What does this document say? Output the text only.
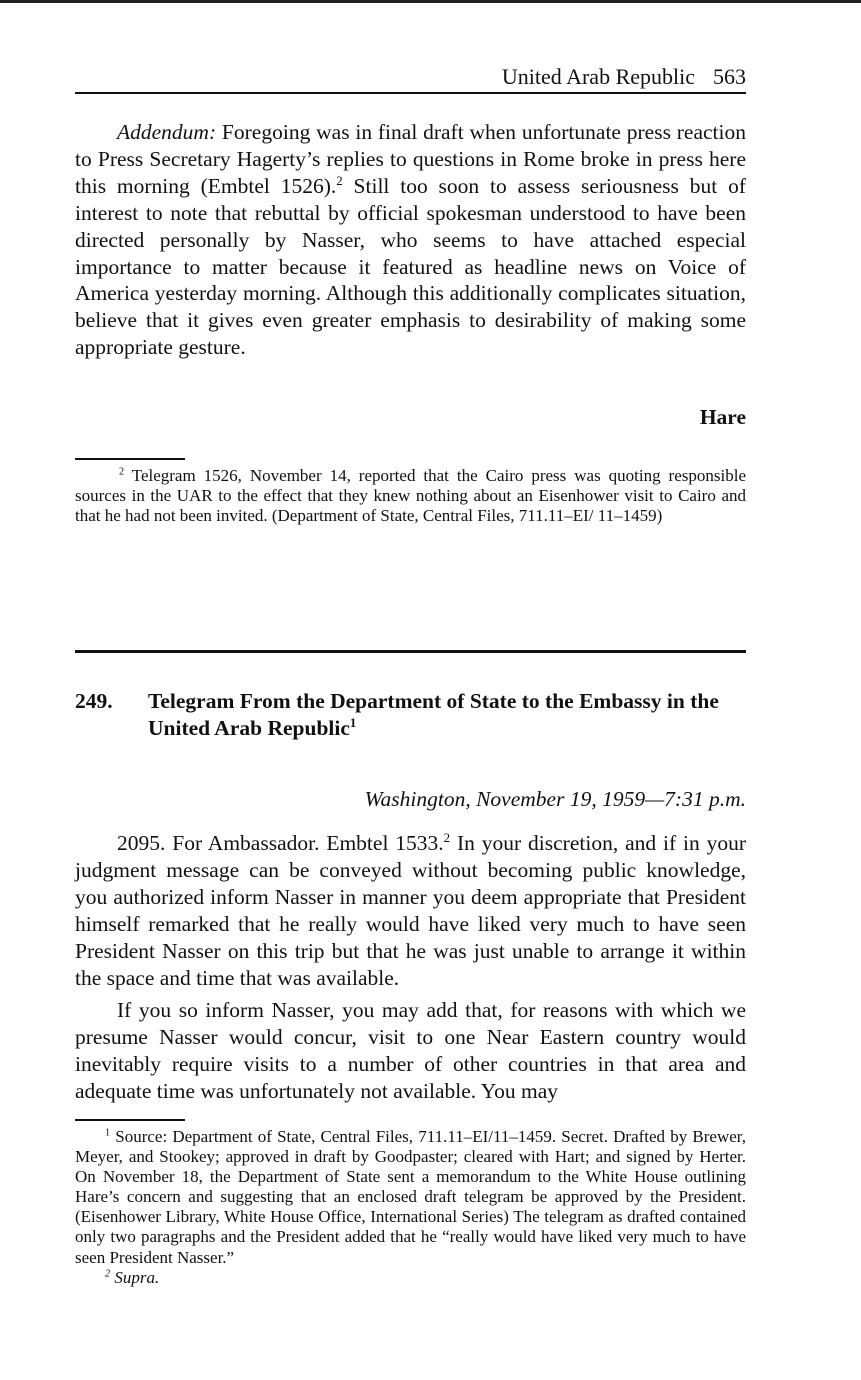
United Arab Republic 563

Addendum: Foregoing was in final draft when unfortunate press reaction to Press Secretary Hagerty’s replies to questions in Rome broke in press here this morning (Embtel 1526).$^2$ Still too soon to assess seriousness but of interest to note that rebuttal by official spokesman understood to have been directed personally by Nasser, who seems to have attached especial importance to matter because it featured as headline news on Voice of America yesterday morning. Although this additionally complicates situation, believe that it gives even greater emphasis to desirability of making some appropriate gesture.

Hare

$^2$ Telegram 1526, November 14, reported that the Cairo press was quoting responsible sources in the UAR to the effect that they knew nothing about an Eisenhower visit to Cairo and that he had not been invited. (Department of State, Central Files, 711.11–EI/ 11–1459)

249. Telegram From the Department of State to the Embassy in the United Arab Republic$^1$
Washington, November 19, 1959—7:31 p.m.

2095. For Ambassador. Embtel 1533.$^2$ In your discretion, and if in your judgment message can be conveyed without becoming public knowledge, you authorized inform Nasser in manner you deem appropriate that President himself remarked that he really would have liked very much to have seen President Nasser on this trip but that he was just unable to arrange it within the space and time that was available.

If you so inform Nasser, you may add that, for reasons with which we presume Nasser would concur, visit to one Near Eastern country would inevitably require visits to a number of other countries in that area and adequate time was unfortunately not available. You may

$^1$ Source: Department of State, Central Files, 711.11–EI/11–1459. Secret. Drafted by Brewer, Meyer, and Stookey; approved in draft by Goodpaster; cleared with Hart; and signed by Herter. On November 18, the Department of State sent a memorandum to the White House outlining Hare’s concern and suggesting that an enclosed draft telegram be approved by the President. (Eisenhower Library, White House Office, International Series) The telegram as drafted contained only two paragraphs and the President added that he “really would have liked very much to have seen President Nasser.”

$^2$ Supra.
